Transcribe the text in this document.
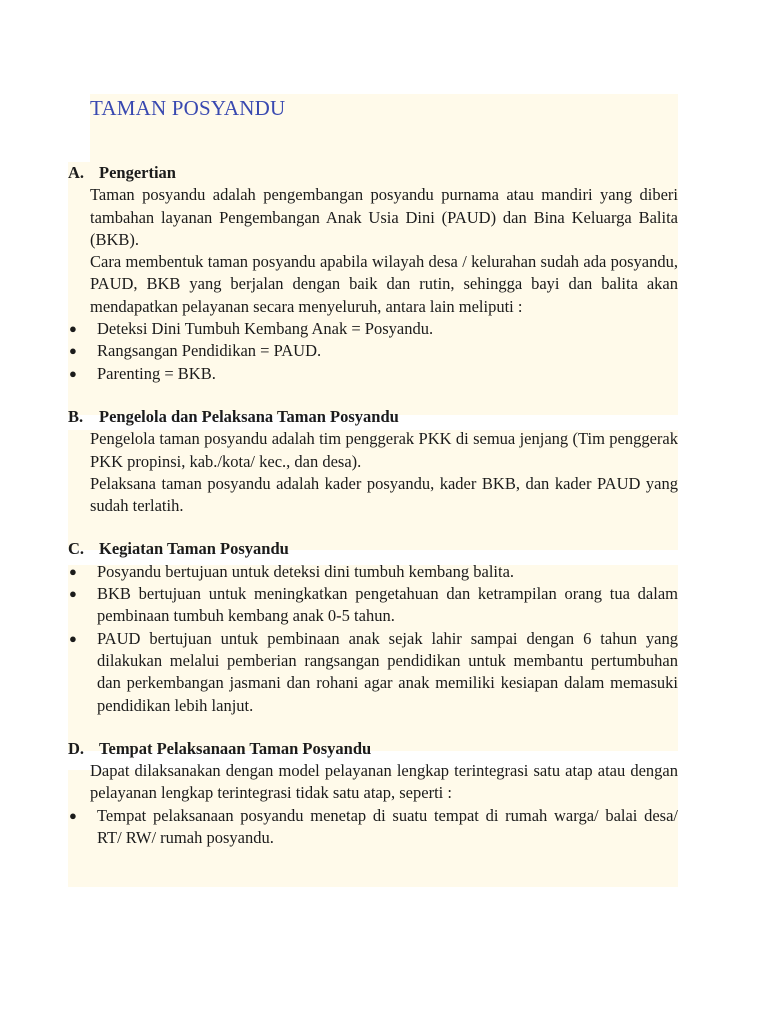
TAMAN POSYANDU
A. Pengertian
Taman posyandu adalah pengembangan posyandu purnama atau mandiri yang diberi tambahan layanan Pengembangan Anak Usia Dini (PAUD) dan Bina Keluarga Balita (BKB).
Cara membentuk taman posyandu apabila wilayah desa / kelurahan sudah ada posyandu, PAUD, BKB yang berjalan dengan baik dan rutin, sehingga bayi dan balita akan mendapatkan pelayanan secara menyeluruh, antara lain meliputi :
●	Deteksi Dini Tumbuh Kembang Anak = Posyandu.
●	Rangsangan Pendidikan = PAUD.
●	Parenting = BKB.
B. Pengelola dan Pelaksana Taman Posyandu
Pengelola taman posyandu adalah tim penggerak PKK di semua jenjang (Tim penggerak PKK propinsi, kab./kota/ kec., dan desa).
Pelaksana taman posyandu adalah kader posyandu, kader BKB, dan kader PAUD yang sudah terlatih.
C. Kegiatan Taman Posyandu
●	Posyandu bertujuan untuk deteksi dini tumbuh kembang balita.
●	BKB bertujuan untuk meningkatkan pengetahuan dan ketrampilan orang tua dalam pembinaan tumbuh kembang anak 0-5 tahun.
●	PAUD bertujuan untuk pembinaan anak sejak lahir sampai dengan 6 tahun yang dilakukan melalui pemberian rangsangan pendidikan untuk membantu pertumbuhan dan perkembangan jasmani dan rohani agar anak memiliki kesiapan dalam memasuki pendidikan lebih lanjut.
D. Tempat Pelaksanaan Taman Posyandu
Dapat dilaksanakan dengan model pelayanan lengkap terintegrasi satu atap atau dengan pelayanan lengkap terintegrasi tidak satu atap, seperti :
●	Tempat pelaksanaan posyandu menetap di suatu tempat di rumah warga/ balai desa/ RT/ RW/ rumah posyandu.
